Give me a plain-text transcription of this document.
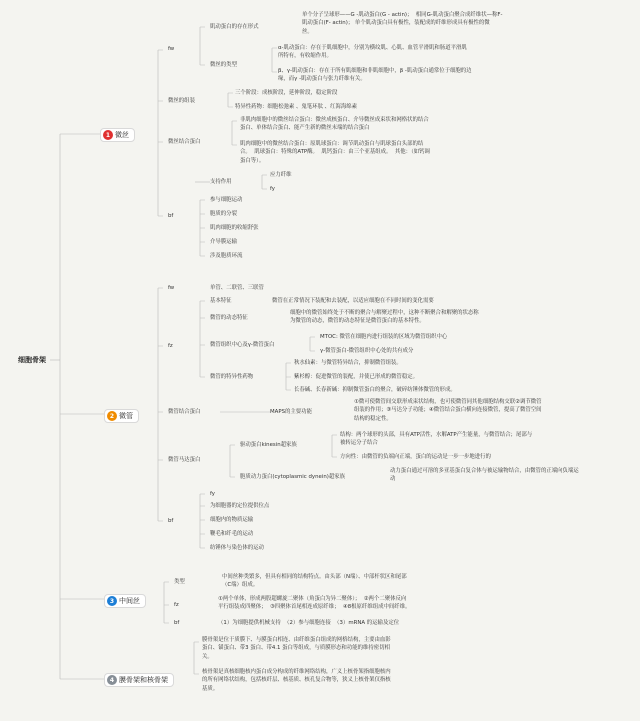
细胞骨架
1 微丝
fw
肌动蛋白的存在形式
单个分子呈球形——G -肌动蛋白(G - actin)；  相同G-肌动蛋白聚合成纤维状—称F-
肌动蛋白(F- actin)； 单个肌动蛋白具有极性，装配成的纤维形成具有极性的微
丝。
微丝的类型
α-肌动蛋白：存在于肌细胞中，分别为横纹肌、心肌、血管平滑肌和肠道平滑肌
所特有，有收缩作用。
β、γ-肌动蛋白：存在于所有肌细胞和非肌细胞中，β -肌动蛋白通常位于细胞的边
缘，而γ -肌动蛋白与张力纤维有关。
微丝的组装
三个阶段：成核阶段，延伸阶段，稳定阶段
特异性药物：细胞松弛素 、鬼笔环肽 、红海海绵素
微丝结合蛋白
非肌肉细胞中的微丝结合蛋白：微丝成核蛋白、介导微丝成束状和网格状的结合
蛋白、单体结合蛋白、能产生新的微丝末端的结合蛋白
肌肉细胞中的微丝结合蛋白：原肌球蛋白：调节肌动蛋白与肌球蛋白头部的结
合。  肌球蛋白：特殊的ATP酶。  肌钙蛋白：由三个亚基组成。  其他：（如钙调
蛋白等）。
支持作用
应力纤维
fy
bf
参与细胞运动
胞质的分裂
肌肉细胞的收缩舒张
介导膜运输
涉及胞质环流
2 微管
fw	单管、二联管、三联管
基本特征	微管在正常情况下装配和去装配，以适应细胞在不同时间的变化需要
微管的动态特征
细胞中的微管始终处于不断的聚合与解聚过程中，这种不断聚合和解聚的状态称
为微管的动态，微管的动态特征是微管蛋白的基本特性。
fz	微管组织中心及γ-微管蛋白
MTOC: 微管在细胞内进行组装的区域为微管组织中心
γ-微管蛋白-微管组织中心处的共有成分
微管的特异性药物
秋水仙素：与微管特异结合，抑制微管组装。
紫杉醇：促进微管的装配，并使已形成的微管稳定。
长春碱、长春新碱：抑制微管蛋白的聚合，破碎纺锤体微管的形成。
微管结合蛋白	MAPS的主要功能
①微可使微管间交联形成束状结构，也可使微管同其他细胞结构交联②调节微管
组装的作用；③马达分子功能；④微管结合蛋白横向连接微管，提高了微管空间
结构的稳定性。
微管马达蛋白
驱动蛋白kinesin超家族
结构：两个球形的头部，具有ATP活性，水解ATP产生能量，与微管结合；尾部与
被转运分子结合
方向性：由微管的负端向正端，蛋白的运动是一步一步地进行的
胞质动力蛋白(cytoplasmic dynein)超家族
动力蛋白通过可溶的多亚基蛋白复合体与被运输物结合，由微管的正端向负端运
动
fy
bf
为细胞器的定位提供位点
细胞内的物质运输
鞭毛和纤毛的运动
纺锤体与染色体的运动
3 中间丝
类型
中间丝种类繁多，但具有相同的结构特点。由头部（N端）、中部杆状区和尾部
（C端）组成。
fz
①两个单体，形成两股超螺旋二聚体（角蛋白为异二聚体）；  ②两个二聚体反向
平行组装成四聚体；  ③四聚体首尾相连成原纤维；  ④8根原纤维组成中间纤维。
bf	（1）为细胞提供机械支持  （2）参与细胞连接  （3）mRNA 的运输及定位
4 膜骨架和核骨架
膜骨架是位于质膜下、与膜蛋白相连、由纤维蛋白组成的网格结构，主要由血影
蛋白、锚蛋白、带3 蛋白、带4.1 蛋白等组成，与质膜形态和功能的维持密切相
关。
核骨架是真核细胞核内蛋白成分构成的纤维网络结构，广义上核骨架指细胞核内
的所有网络状结构，包括核纤层、核基质、核孔复合物等，狭义上核骨架仅指核
基质。
